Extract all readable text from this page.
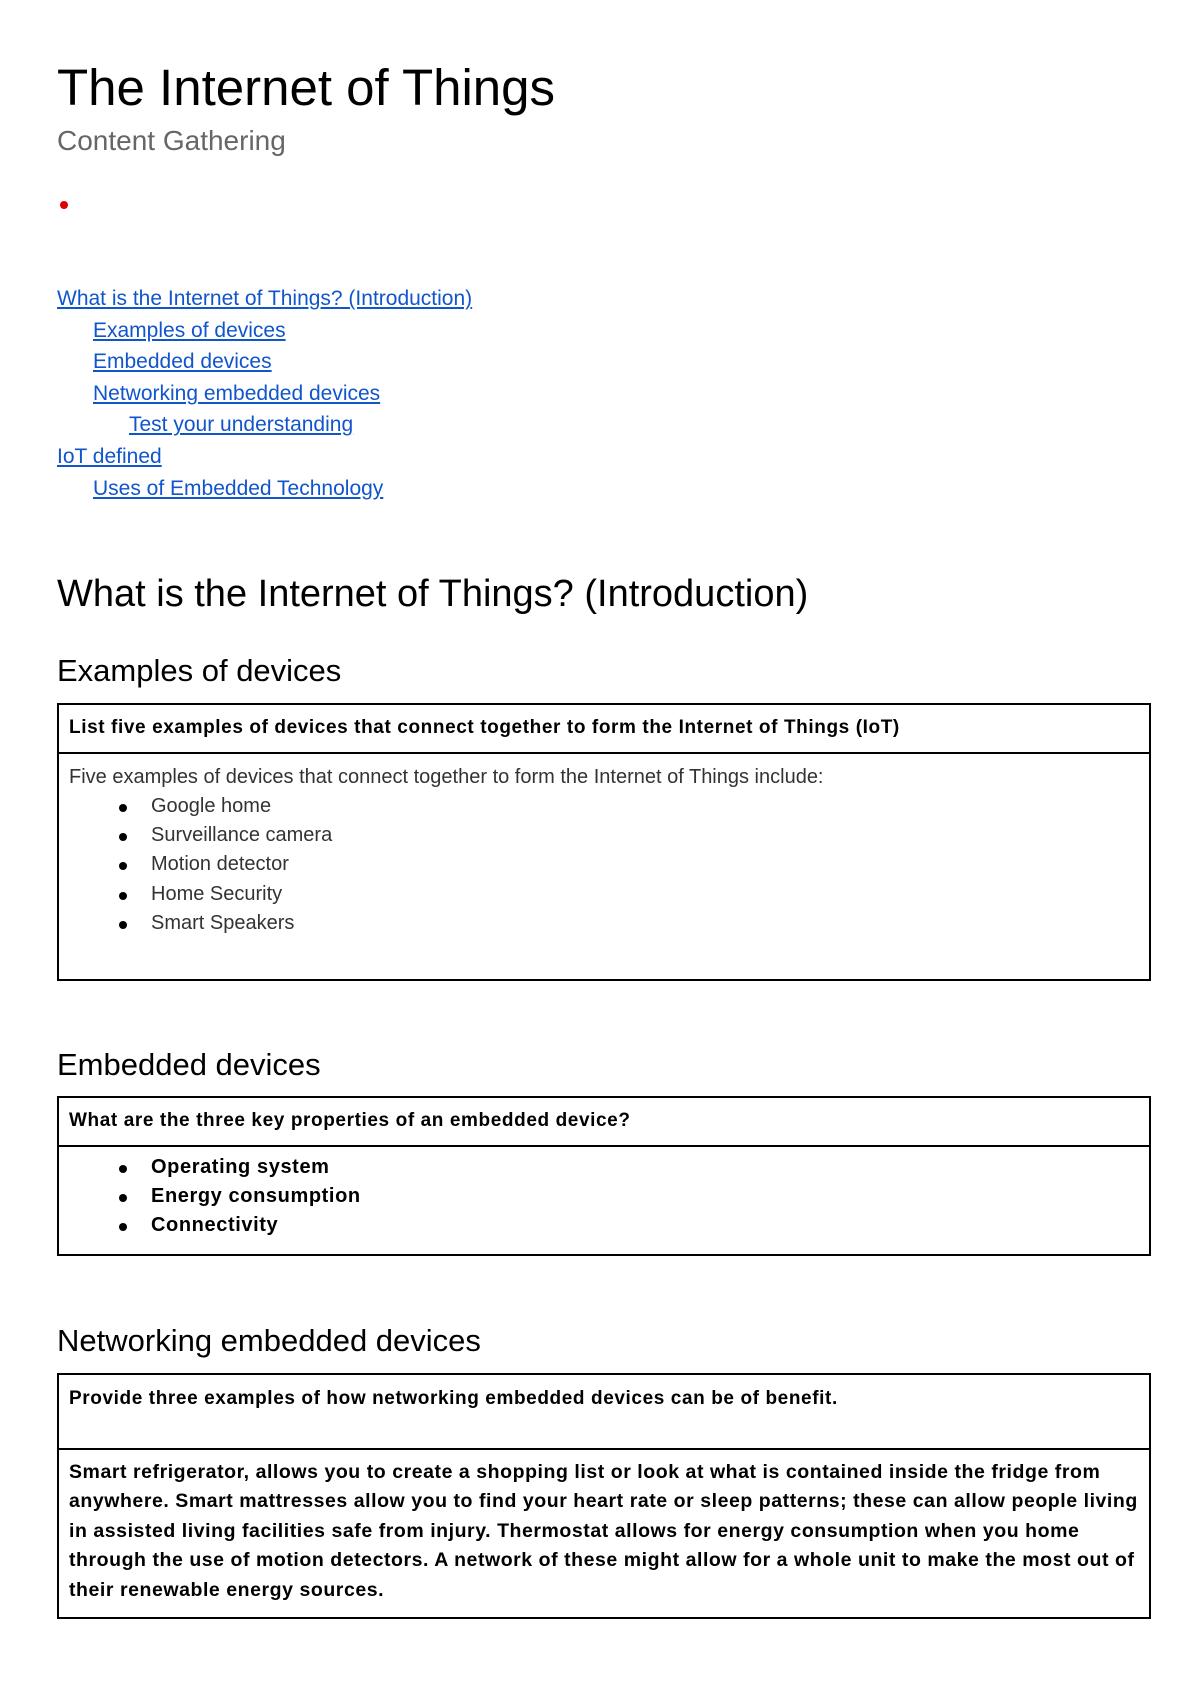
The Internet of Things
Content Gathering
What is the Internet of Things? (Introduction)
Examples of devices
Embedded devices
Networking embedded devices
Test your understanding
IoT defined
Uses of Embedded Technology
What is the Internet of Things? (Introduction)
Examples of devices
List five examples of devices that connect together to form the Internet of Things (IoT)
Five examples of devices that connect together to form the Internet of Things include:
Google home
Surveillance camera
Motion detector
Home Security
Smart Speakers
Embedded devices
What are the three key properties of an embedded device?
Operating system
Energy consumption
Connectivity
Networking embedded devices
Provide three examples of how networking embedded devices can be of benefit.
Smart refrigerator, allows you to create a shopping list or look at what is contained inside the fridge from anywhere. Smart mattresses allow you to find your heart rate or sleep patterns; these can allow people living in assisted living facilities safe from injury. Thermostat allows for energy consumption when you home through the use of motion detectors. A network of these might allow for a whole unit to make the most out of their renewable energy sources.
